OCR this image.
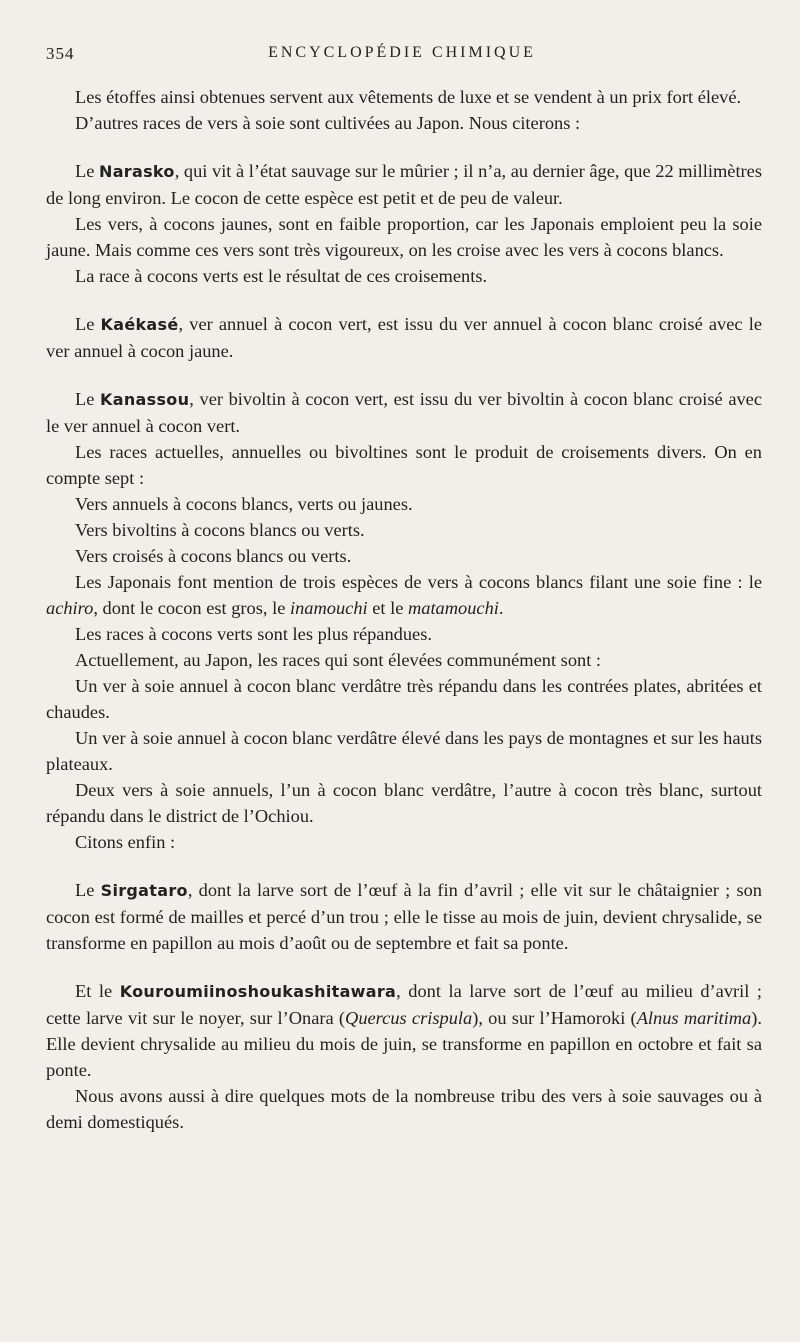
354	ENCYCLOPÉDIE CHIMIQUE

Les étoffes ainsi obtenues servent aux vêtements de luxe et se vendent à un prix fort élevé.

D’autres races de vers à soie sont cultivées au Japon. Nous citerons :

Le Narasko, qui vit à l’état sauvage sur le mûrier ; il n’a, au dernier âge, que 22 millimètres de long environ. Le cocon de cette espèce est petit et de peu de valeur.

Les vers, à cocons jaunes, sont en faible proportion, car les Japonais emploient peu la soie jaune. Mais comme ces vers sont très vigoureux, on les croise avec les vers à cocons blancs.

La race à cocons verts est le résultat de ces croisements.

Le Kaékasé, ver annuel à cocon vert, est issu du ver annuel à cocon blanc croisé avec le ver annuel à cocon jaune.

Le Kanassou, ver bivoltin à cocon vert, est issu du ver bivoltin à cocon blanc croisé avec le ver annuel à cocon vert.

Les races actuelles, annuelles ou bivoltines sont le produit de croisements divers. On en compte sept :

Vers annuels à cocons blancs, verts ou jaunes.

Vers bivoltins à cocons blancs ou verts.

Vers croisés à cocons blancs ou verts.

Les Japonais font mention de trois espèces de vers à cocons blancs filant une soie fine : le achiro, dont le cocon est gros, le inamouchi et le matamouchi.

Les races à cocons verts sont les plus répandues.

Actuellement, au Japon, les races qui sont élevées communément sont :

Un ver à soie annuel à cocon blanc verdâtre très répandu dans les contrées plates, abritées et chaudes.

Un ver à soie annuel à cocon blanc verdâtre élevé dans les pays de montagnes et sur les hauts plateaux.

Deux vers à soie annuels, l’un à cocon blanc verdâtre, l’autre à cocon très blanc, surtout répandu dans le district de l’Ochiou.

Citons enfin :

Le Sirgataro, dont la larve sort de l’œuf à la fin d’avril ; elle vit sur le châtaignier ; son cocon est formé de mailles et percé d’un trou ; elle le tisse au mois de juin, devient chrysalide, se transforme en papillon au mois d’août ou de septembre et fait sa ponte.

Et le Kouroumiinoshoukashitawara, dont la larve sort de l’œuf au milieu d’avril ; cette larve vit sur le noyer, sur l’Onara (Quercus crispula), ou sur l’Hamoroki (Alnus maritima). Elle devient chrysalide au milieu du mois de juin, se transforme en papillon en octobre et fait sa ponte.

Nous avons aussi à dire quelques mots de la nombreuse tribu des vers à soie sauvages ou à demi domestiqués.
